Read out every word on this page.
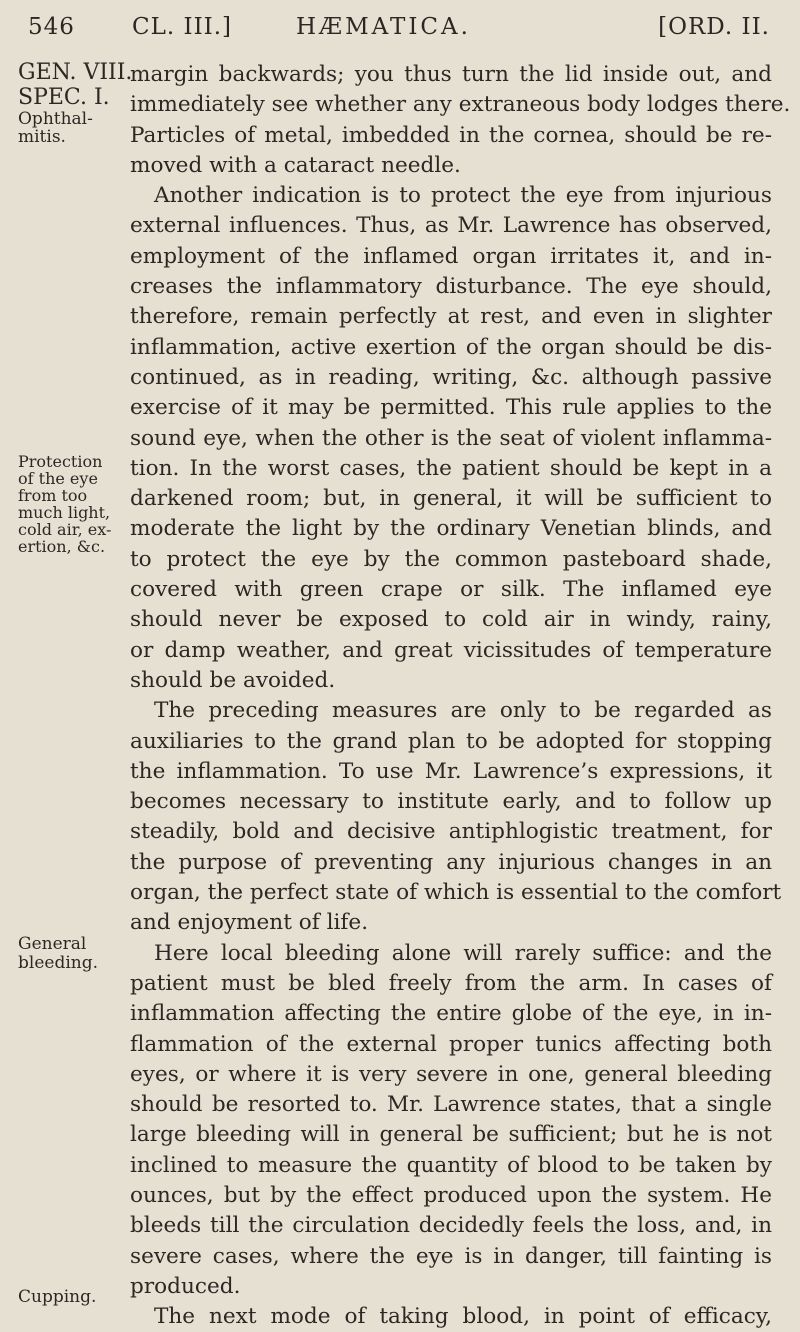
546 CL. III.]	HÆMATICA.	[ORD. II.
GEN. VIII.
SPEC. I.
Ophthal-
mitis.
Protection
of the eye
from too
much light,
cold air, ex-
ertion, &c.
General
bleeding.
Cupping.
margin backwards; you thus turn the lid inside out, and
immediately see whether any extraneous body lodges there.
Particles of metal, imbedded in the cornea, should be re-
moved with a cataract needle.
Another indication is to protect the eye from injurious
external influences. Thus, as Mr. Lawrence has observed,
employment of the inflamed organ irritates it, and in-
creases the inflammatory disturbance. The eye should,
therefore, remain perfectly at rest, and even in slighter
inflammation, active exertion of the organ should be dis-
continued, as in reading, writing, &c. although passive
exercise of it may be permitted. This rule applies to the
sound eye, when the other is the seat of violent inflamma-
tion. In the worst cases, the patient should be kept in a
darkened room; but, in general, it will be sufficient to
moderate the light by the ordinary Venetian blinds, and
to protect the eye by the common pasteboard shade,
covered with green crape or silk. The inflamed eye
should never be exposed to cold air in windy, rainy,
or damp weather, and great vicissitudes of temperature
should be avoided.
The preceding measures are only to be regarded as
auxiliaries to the grand plan to be adopted for stopping
the inflammation. To use Mr. Lawrence’s expressions, it
becomes necessary to institute early, and to follow up
steadily, bold and decisive antiphlogistic treatment, for
the purpose of preventing any injurious changes in an
organ, the perfect state of which is essential to the comfort
and enjoyment of life.
Here local bleeding alone will rarely suffice: and the
patient must be bled freely from the arm. In cases of
inflammation affecting the entire globe of the eye, in in-
flammation of the external proper tunics affecting both
eyes, or where it is very severe in one, general bleeding
should be resorted to. Mr. Lawrence states, that a single
large bleeding will in general be sufficient; but he is not
inclined to measure the quantity of blood to be taken by
ounces, but by the effect produced upon the system. He
bleeds till the circulation decidedly feels the loss, and, in
severe cases, where the eye is in danger, till fainting is
produced.
The next mode of taking blood, in point of efficacy,
